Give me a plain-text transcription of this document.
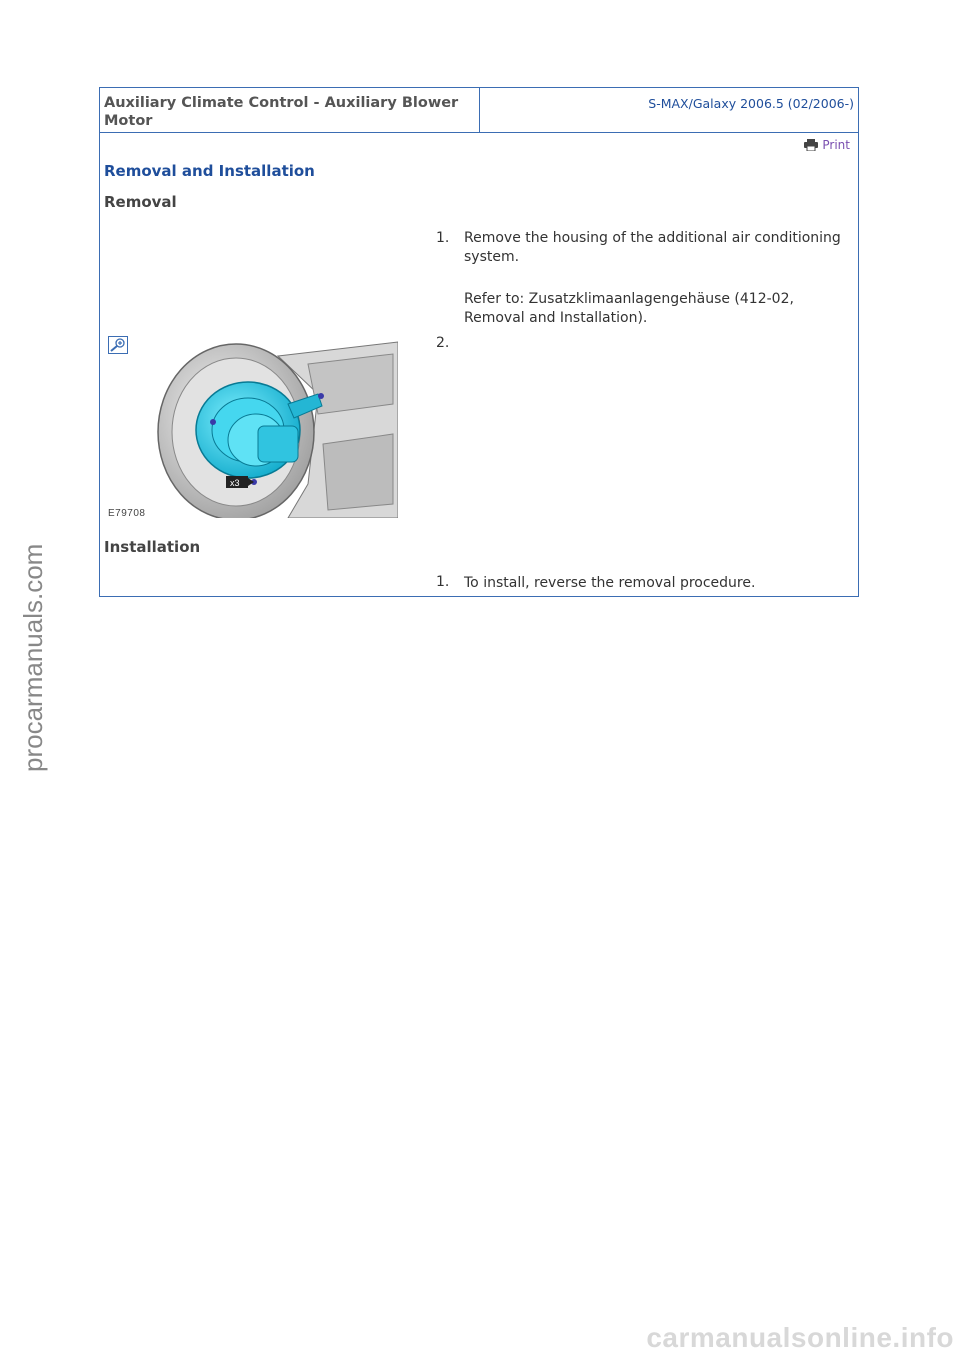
Auxiliary Climate Control - Auxiliary Blower Motor
S-MAX/Galaxy 2006.5 (02/2006-)
Print
Removal and Installation
Removal
1. Remove the housing of the additional air conditioning system.
Refer to: Zusatzklimaanlagengehäuse (412-02, Removal and Installation).
2.
x3
E79708
Installation
1. To install, reverse the removal procedure.
procarmanuals.com
carmanualsonline.info
